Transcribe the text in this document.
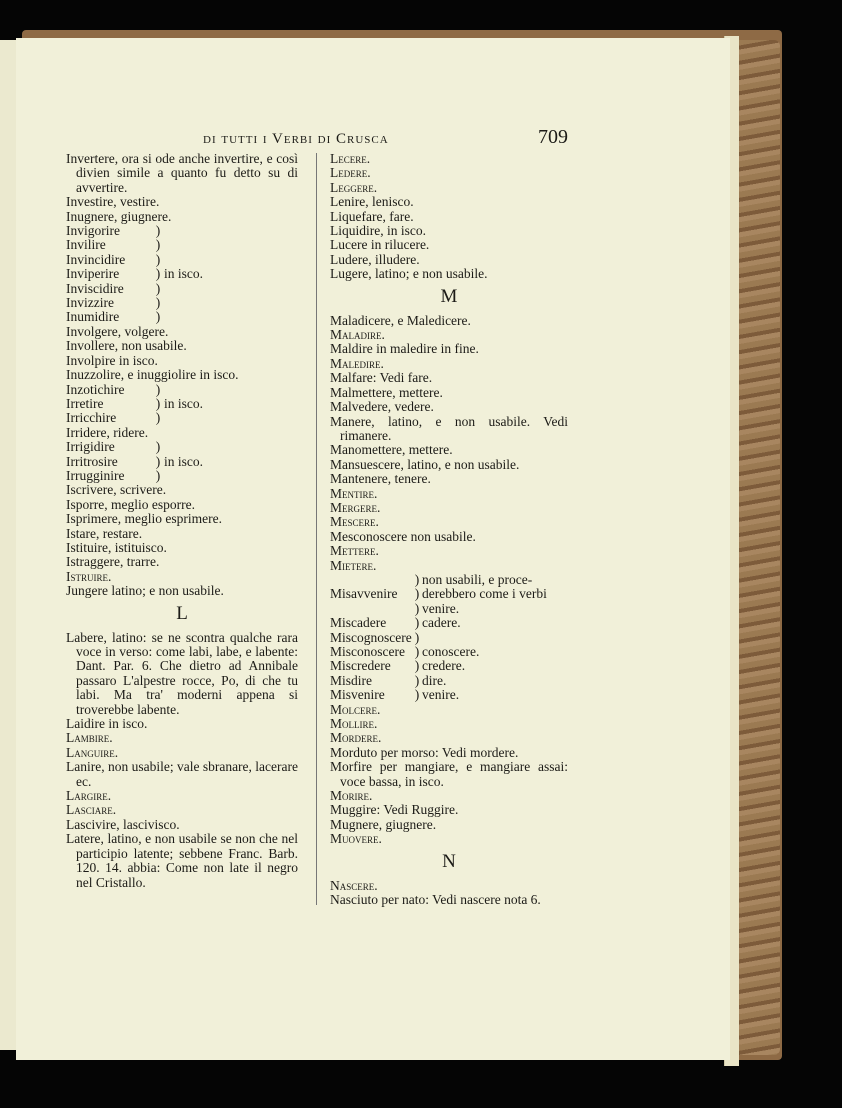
di tutti i Verbi di Crusca	709
Invertere, ora si ode anche invertire, e così divien simile a quanto fu detto su di avvertire.
Investire, vestire.
Inugnere, giugnere.
Invigorire	)
Invilire	)
Invincidire	)
Inviperire	) in isco.
Inviscidire	)
Invizzire	)
Inumidire	)
Involgere, volgere.
Invollere, non usabile.
Involpire in isco.
Inuzzolire, e inuggiolire in isco.
Inzotichire	)
Irretire	) in isco.
Irricchire	)
Irridere, ridere.
Irrigidire	)
Irritrosire	) in isco.
Irrugginire	)
Iscrivere, scrivere.
Isporre, meglio esporre.
Isprimere, meglio esprimere.
Istare, restare.
Istituire, istituisco.
Istraggere, trarre.
Istruire.
Jungere latino; e non usabile.
L
Labere, latino: se ne scontra qualche rara voce in verso: come labi, labe, e labente: Dant. Par. 6. Che dietro ad Annibale passaro L'alpestre rocce, Po, di che tu labi. Ma tra' moderni appena si troverebbe labente.
Laidire in isco.
Lambire.
Languire.
Lanire, non usabile; vale sbranare, lacerare ec.
Largire.
Lasciare.
Lascivire, lascivisco.
Latere, latino, e non usabile se non che nel participio latente; sebbene Franc. Barb. 120. 14. abbia: Come non late il negro nel Cristallo.
Lecere.
Ledere.
Leggere.
Lenire, lenisco.
Liquefare, fare.
Liquidire, in isco.
Lucere in rilucere.
Ludere, illudere.
Lugere, latino; e non usabile.
M
Maladicere, e Maledicere.
Maladire.
Maldire in maledire in fine.
Maledire.
Malfare: Vedi fare.
Malmettere, mettere.
Malvedere, vedere.
Manere, latino, e non usabile. Vedi rimanere.
Manomettere, mettere.
Mansuescere, latino, e non usabile.
Mantenere, tenere.
Mentire.
Mergere.
Mescere.
Mesconoscere non usabile.
Mettere.
Mietere.
) non usabili, e proce-
Misavvenire	) derebbero come i verbi
) venire.
Miscadere	) cadere.
Miscognoscere )
Misconoscere ) conoscere.
Miscredere	) credere.
Misdire	) dire.
Misvenire	) venire.
Molcere.
Mollire.
Mordere.
Morduto per morso: Vedi mordere.
Morfire per mangiare, e mangiare assai: voce bassa, in isco.
Morire.
Muggire: Vedi Ruggire.
Mugnere, giugnere.
Muovere.
N
Nascere.
Nasciuto per nato: Vedi nascere nota 6.
